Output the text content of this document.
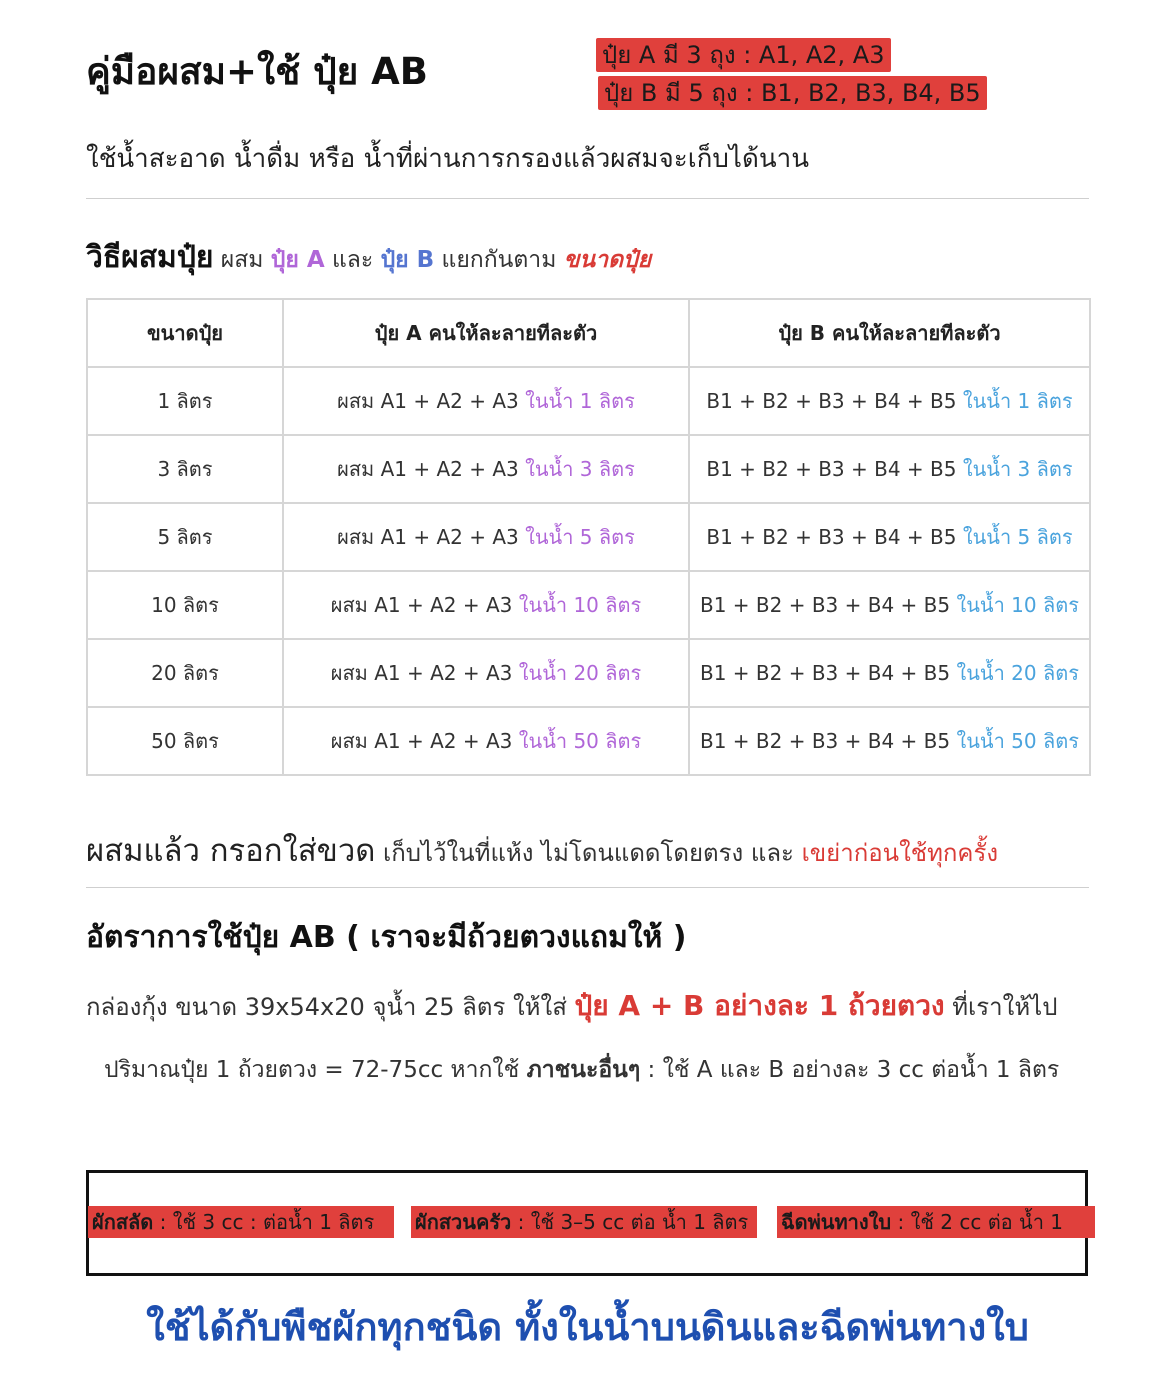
คู่มือผสม+ใช้ ปุ๋ย AB	ปุ๋ย A มี 3 ถุง : A1, A2, A3
ปุ๋ย B มี 5 ถุง : B1, B2, B3, B4, B5
ใช้น้ำสะอาด น้ำดื่ม หรือ น้ำที่ผ่านการกรองแล้วผสมจะเก็บได้นาน
วิธีผสมปุ๋ย ผสม ปุ๋ย A และ ปุ๋ย B แยกกันตาม ขนาดปุ๋ย
ขนาดปุ๋ย	ปุ๋ย A คนให้ละลายทีละตัว	ปุ๋ย B คนให้ละลายทีละตัว
1 ลิตร	ผสม A1 + A2 + A3 ในน้ำ 1 ลิตร	B1 + B2 + B3 + B4 + B5 ในน้ำ 1 ลิตร
3 ลิตร	ผสม A1 + A2 + A3 ในน้ำ 3 ลิตร	B1 + B2 + B3 + B4 + B5 ในน้ำ 3 ลิตร
5 ลิตร	ผสม A1 + A2 + A3 ในน้ำ 5 ลิตร	B1 + B2 + B3 + B4 + B5 ในน้ำ 5 ลิตร
10 ลิตร	ผสม A1 + A2 + A3 ในน้ำ 10 ลิตร	B1 + B2 + B3 + B4 + B5 ในน้ำ 10 ลิตร
20 ลิตร	ผสม A1 + A2 + A3 ในน้ำ 20 ลิตร	B1 + B2 + B3 + B4 + B5 ในน้ำ 20 ลิตร
50 ลิตร	ผสม A1 + A2 + A3 ในน้ำ 50 ลิตร	B1 + B2 + B3 + B4 + B5 ในน้ำ 50 ลิตร
ผสมแล้ว กรอกใส่ขวด เก็บไว้ในที่แห้ง ไม่โดนแดดโดยตรง และ เขย่าก่อนใช้ทุกครั้ง
อัตราการใช้ปุ๋ย AB ( เราจะมีถ้วยตวงแถมให้ )
กล่องกุ้ง ขนาด 39x54x20 จุน้ำ 25 ลิตร ให้ใส่ ปุ๋ย A + B อย่างละ 1 ถ้วยตวง ที่เราให้ไป
ปริมาณปุ๋ย 1 ถ้วยตวง = 72-75cc หากใช้ ภาชนะอื่นๆ : ใช้ A และ B อย่างละ 3 cc ต่อน้ำ 1 ลิตร
ผักสลัด : ใช้ 3 cc : ต่อน้ำ 1 ลิตร	ผักสวนครัว : ใช้ 3–5 cc ต่อ น้ำ 1 ลิตร	ฉีดพ่นทางใบ : ใช้ 2 cc ต่อ น้ำ 1
ใช้ได้กับพืชผักทุกชนิด ทั้งในน้ำบนดินและฉีดพ่นทางใบ
